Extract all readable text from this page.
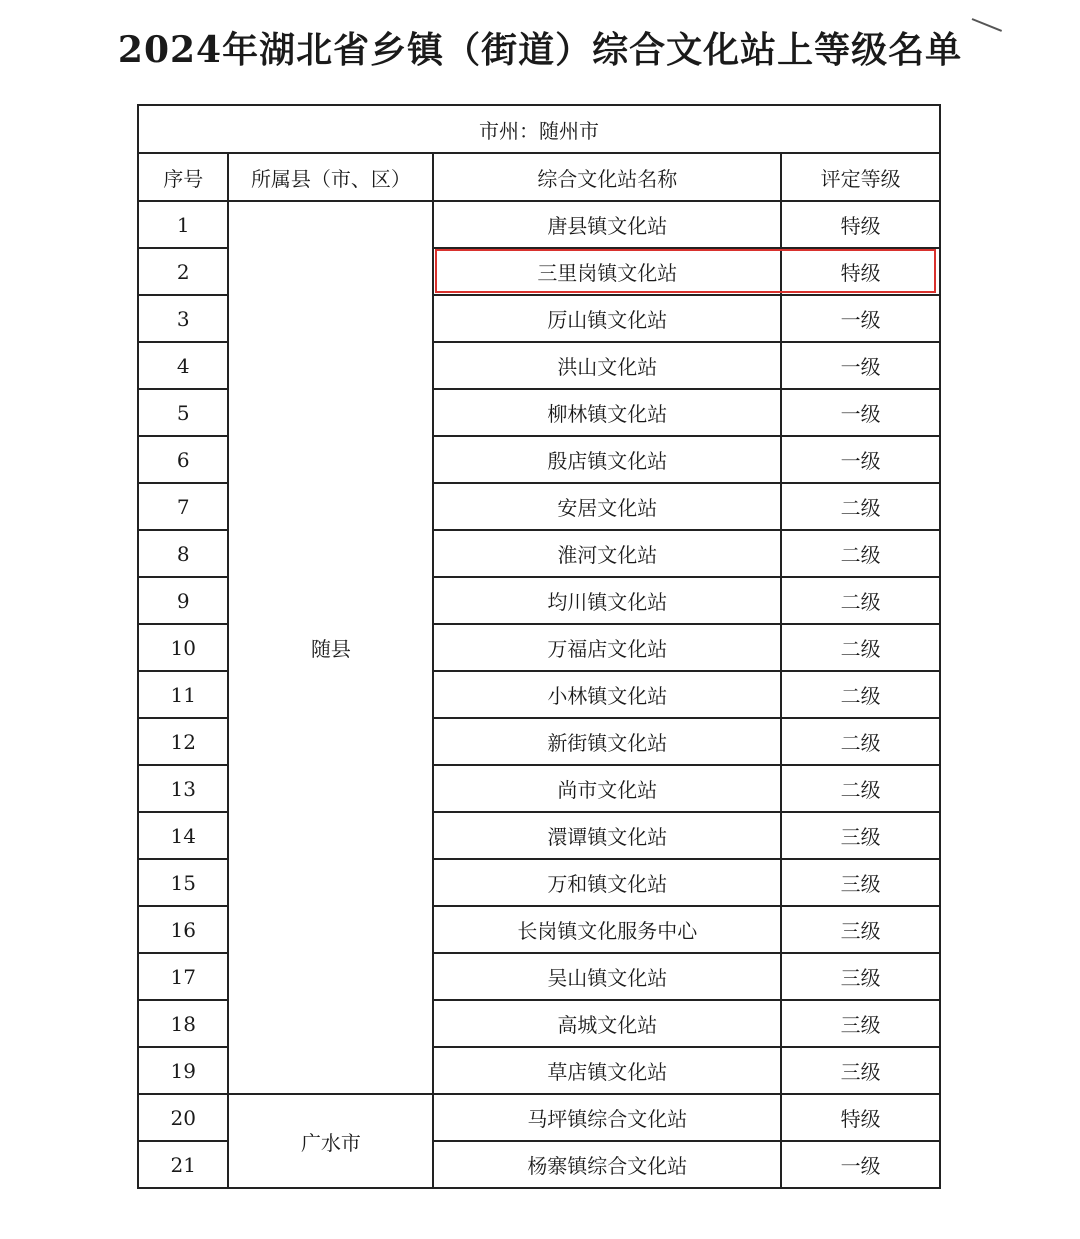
2024年湖北省乡镇（街道）综合文化站上等级名单
市州：随州市			
序号	所属县（市、区）	综合文化站名称	评定等级
1	随县	唐县镇文化站	特级
2		三里岗镇文化站	特级
3		厉山镇文化站	一级
4		洪山文化站	一级
5		柳林镇文化站	一级
6		殷店镇文化站	一级
7		安居文化站	二级
8		淮河文化站	二级
9		均川镇文化站	二级
10		万福店文化站	二级
11		小林镇文化站	二级
12		新街镇文化站	二级
13		尚市文化站	二级
14		澴谭镇文化站	三级
15		万和镇文化站	三级
16		长岗镇文化服务中心	三级
17		吴山镇文化站	三级
18		高城文化站	三级
19		草店镇文化站	三级
20	广水市	马坪镇综合文化站	特级
21		杨寨镇综合文化站	一级
